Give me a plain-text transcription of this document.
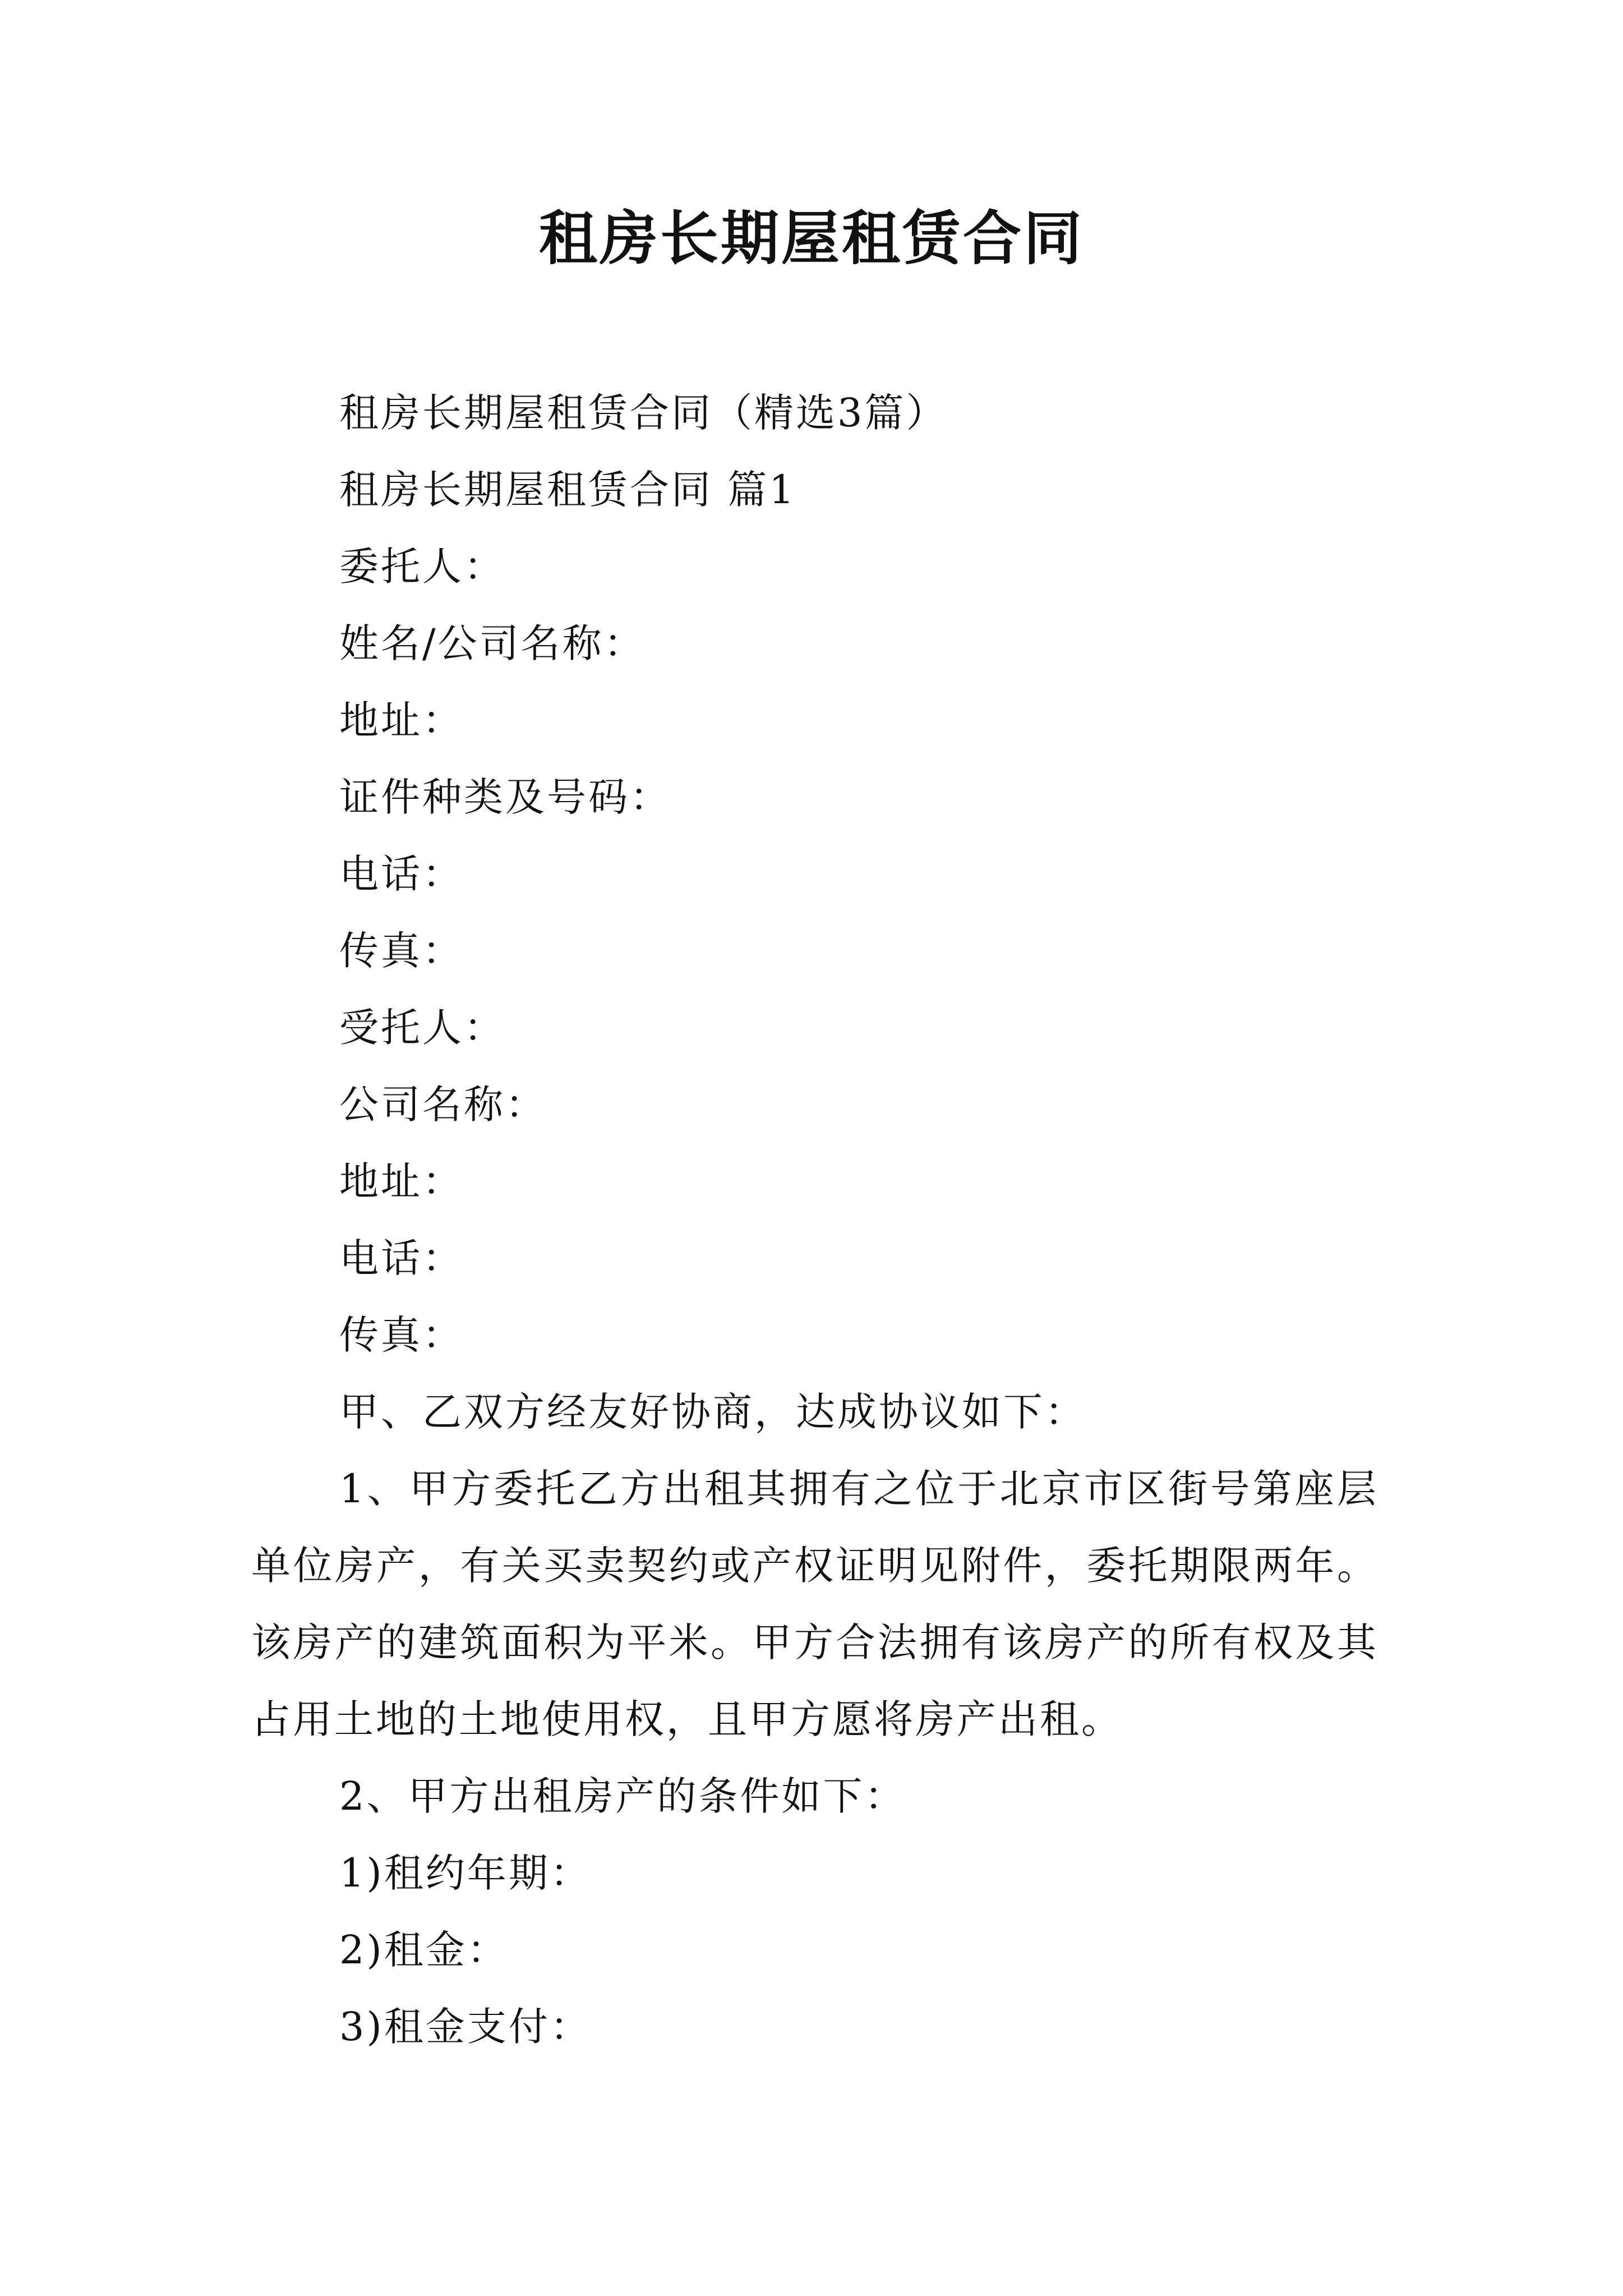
租房长期屋租赁合同
租房长期屋租赁合同（精选3篇）
租房长期屋租赁合同 篇1
委托人：
姓名/公司名称：
地址：
证件种类及号码：
电话：
传真：
受托人：
公司名称：
地址：
电话：
传真：
甲、乙双方经友好协商，达成协议如下：
1、甲方委托乙方出租其拥有之位于北京市区街号第座层单位房产，有关买卖契约或产权证明见附件，委托期限两年。该房产的建筑面积为平米。甲方合法拥有该房产的所有权及其占用土地的土地使用权，且甲方愿将房产出租。
2、甲方出租房产的条件如下：
1)租约年期：
2)租金：
3)租金支付：
